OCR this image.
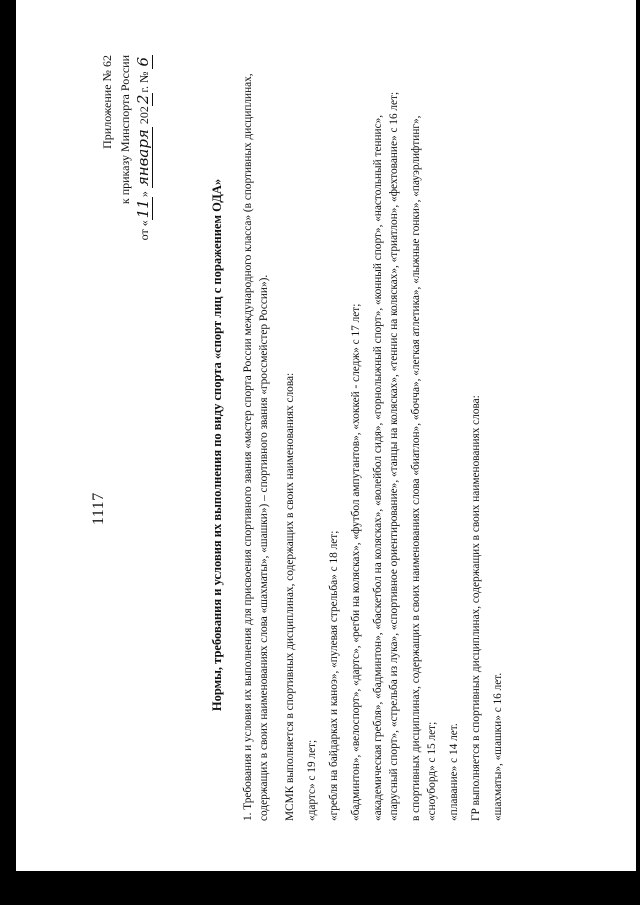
1117
Приложение № 62 к приказу Минспорта России
от «11» января 2022г. № 6
Нормы, требования и условия их выполнения по виду спорта «спорт лиц с поражением ОДА» 1. Требования и условия их выполнения для присвоения спортивного звания «мастер спорта России международного класса» (в спортивных дисциплинах, содержащих в своих наименованиях слова «шахматы», «шашки») – спортивного звания «гроссмейстер России»). МСМК выполняется в спортивных дисциплинах, содержащих в своих наименованиях слова: «дартс» с 19 лет; «гребля на байдарках и каноэ», «пулевая стрельба» с 18 лет; «бадминтон», «велоспорт», «дартс», «регби на колясках», «футбол ампутантов», «хоккей - следж» с 17 лет; «академическая гребля», «бадминтон», «баскетбол на колясках», «волейбол сидя», «горнолыжный спорт», «конный спорт», «настольный теннис», «парусный спорт», «стрельба из лука», «спортивное ориентирование», «танцы на колясках», «теннис на колясках», «триатлон», «фехтование» с 16 лет; в спортивных дисциплинах, содержащих в своих наименованиях слова «биатлон», «бочча», «легкая атлетика», «лыжные гонки», «пауэрлифтинг», «сноуборд» с 15 лет; «плавание» с 14 лет. ГР выполняется в спортивных дисциплинах, содержащих в своих наименованиях слова: «шахматы», «шашки» с 16 лет.
